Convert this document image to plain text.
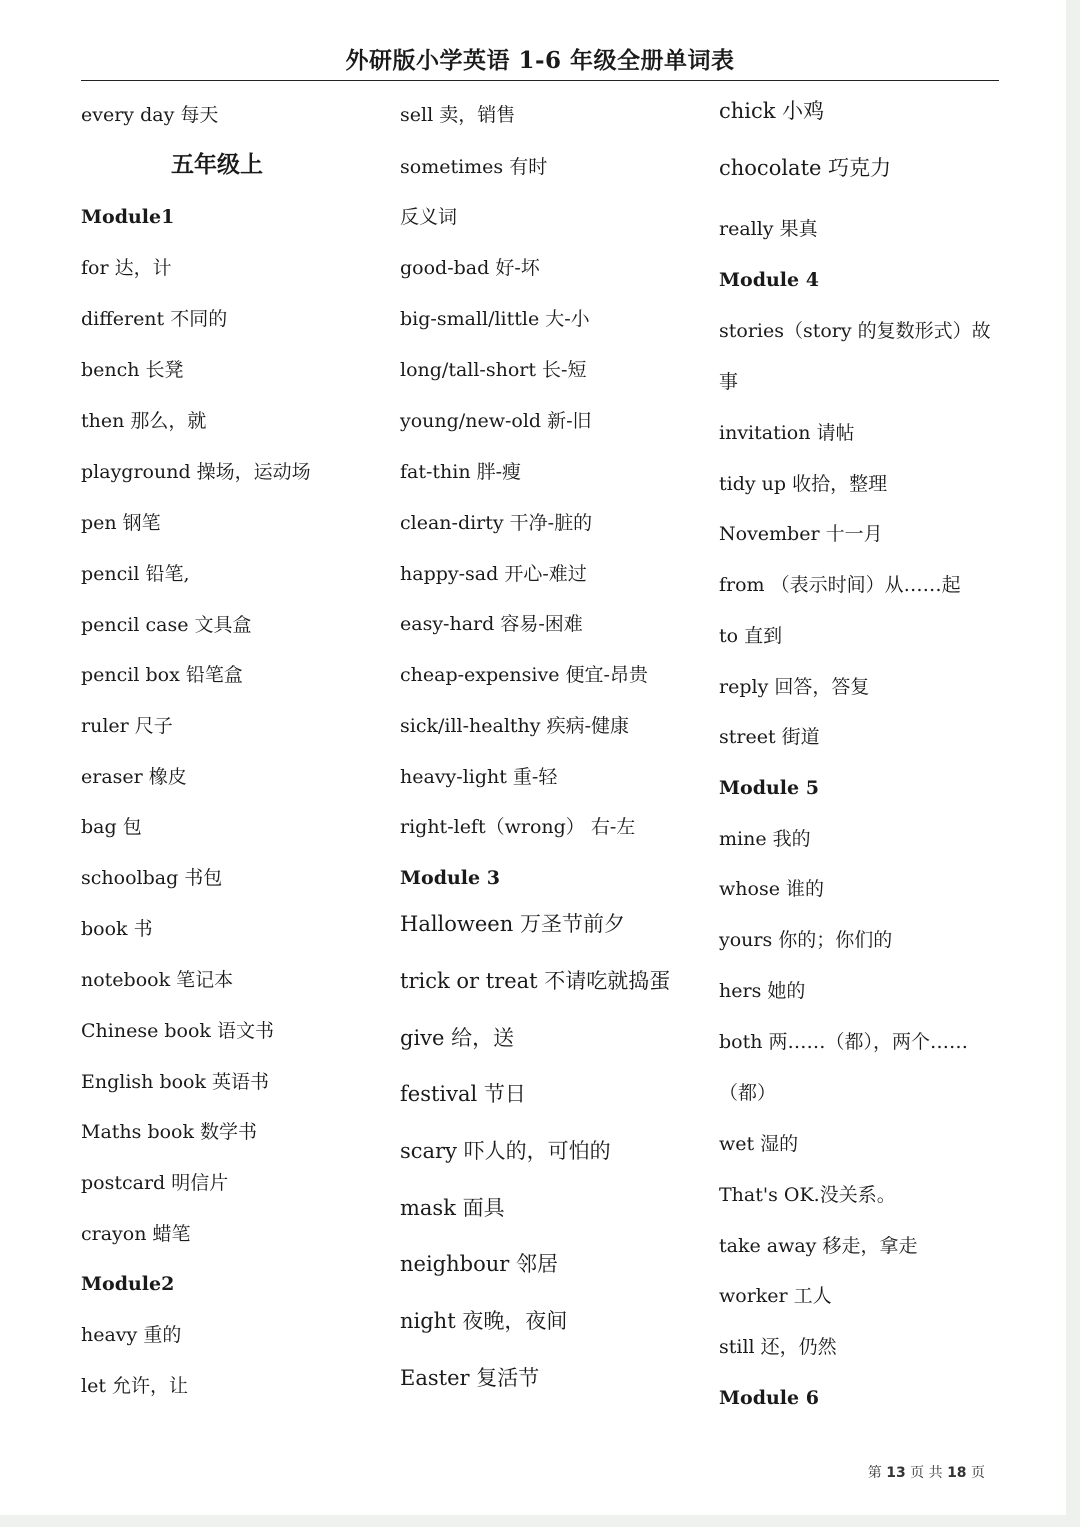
外研版小学英语 1-6 年级全册单词表
every day 每天
五年级上
Module1
for 达，计
different 不同的
bench 长凳
then 那么，就
playground 操场，运动场
pen 钢笔
pencil 铅笔,
pencil case 文具盒
pencil box 铅笔盒
ruler 尺子
eraser 橡皮
bag 包
schoolbag 书包
book 书
notebook 笔记本
Chinese book 语文书
English book 英语书
Maths book 数学书
postcard 明信片
crayon 蜡笔
Module2
heavy 重的
let 允许，让
sell 卖，销售
sometimes 有时
反义词
good-bad 好-坏
big-small/little 大-小
long/tall-short 长-短
young/new-old 新-旧
fat-thin 胖-瘦
clean-dirty 干净-脏的
happy-sad 开心-难过
easy-hard 容易-困难
cheap-expensive 便宜-昂贵
sick/ill-healthy 疾病-健康
heavy-light 重-轻
right-left（wrong） 右-左
Module 3
Halloween 万圣节前夕
trick or treat 不请吃就捣蛋
give 给，送
festival 节日
scary 吓人的，可怕的
mask 面具
neighbour 邻居
night 夜晚，夜间
Easter 复活节
chick 小鸡
chocolate 巧克力
really 果真
Module 4
stories（story 的复数形式）故
事
invitation 请帖
tidy up 收拾，整理
November 十一月
from （表示时间）从……起
to 直到
reply 回答，答复
street 街道
Module 5
mine 我的
whose 谁的
yours 你的；你们的
hers 她的
both 两……（都），两个……
（都）
wet 湿的
That's OK.没关系。
take away 移走，拿走
worker 工人
still 还，仍然
Module 6
第 13 页 共 18 页
